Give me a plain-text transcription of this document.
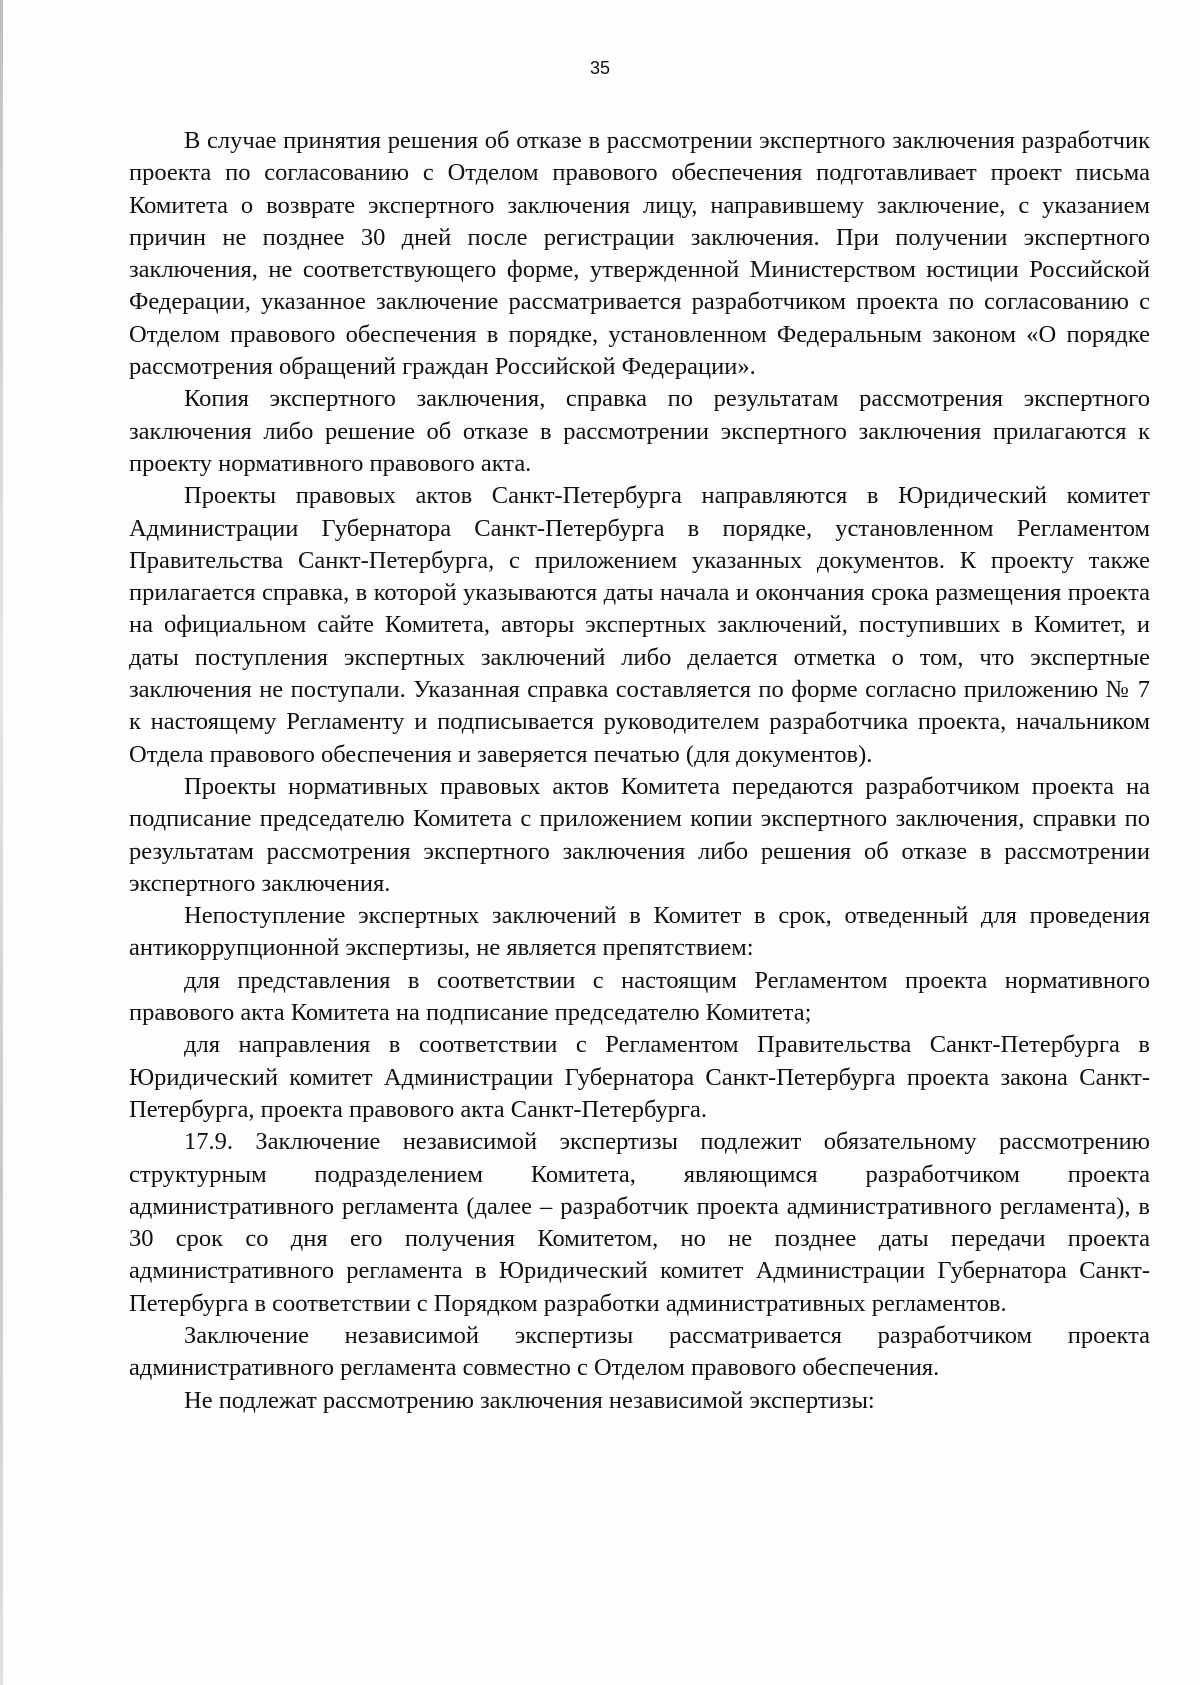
35

В случае принятия решения об отказе в рассмотрении экспертного заключения разработчик проекта по согласованию с Отделом правового обеспечения подготавливает проект письма Комитета о возврате экспертного заключения лицу, направившему заключение, с указанием причин не позднее 30 дней после регистрации заключения. При получении экспертного заключения, не соответствующего форме, утвержденной Министерством юстиции Российской Федерации, указанное заключение рассматривается разработчиком проекта по согласованию с Отделом правового обеспечения в порядке, установленном Федеральным законом «О порядке рассмотрения обращений граждан Российской Федерации».

Копия экспертного заключения, справка по результатам рассмотрения экспертного заключения либо решение об отказе в рассмотрении экспертного заключения прилагаются к проекту нормативного правового акта.

Проекты правовых актов Санкт-Петербурга направляются в Юридический комитет Администрации Губернатора Санкт-Петербурга в порядке, установленном Регламентом Правительства Санкт-Петербурга, с приложением указанных документов. К проекту также прилагается справка, в которой указываются даты начала и окончания срока размещения проекта на официальном сайте Комитета, авторы экспертных заключений, поступивших в Комитет, и даты поступления экспертных заключений либо делается отметка о том, что экспертные заключения не поступали. Указанная справка составляется по форме согласно приложению № 7 к настоящему Регламенту и подписывается руководителем разработчика проекта, начальником Отдела правового обеспечения и заверяется печатью (для документов).

Проекты нормативных правовых актов Комитета передаются разработчиком проекта на подписание председателю Комитета с приложением копии экспертного заключения, справки по результатам рассмотрения экспертного заключения либо решения об отказе в рассмотрении экспертного заключения.

Непоступление экспертных заключений в Комитет в срок, отведенный для проведения антикоррупционной экспертизы, не является препятствием:

для представления в соответствии с настоящим Регламентом проекта нормативного правового акта Комитета на подписание председателю Комитета;

для направления в соответствии с Регламентом Правительства Санкт-Петербурга в Юридический комитет Администрации Губернатора Санкт-Петербурга проекта закона Санкт-Петербурга, проекта правового акта Санкт-Петербурга.

17.9. Заключение независимой экспертизы подлежит обязательному рассмотрению структурным подразделением Комитета, являющимся разработчиком проекта административного регламента (далее – разработчик проекта административного регламента), в 30 срок со дня его получения Комитетом, но не позднее даты передачи проекта административного регламента в Юридический комитет Администрации Губернатора Санкт-Петербурга в соответствии с Порядком разработки административных регламентов.

Заключение независимой экспертизы рассматривается разработчиком проекта административного регламента совместно с Отделом правового обеспечения.

Не подлежат рассмотрению заключения независимой экспертизы:
